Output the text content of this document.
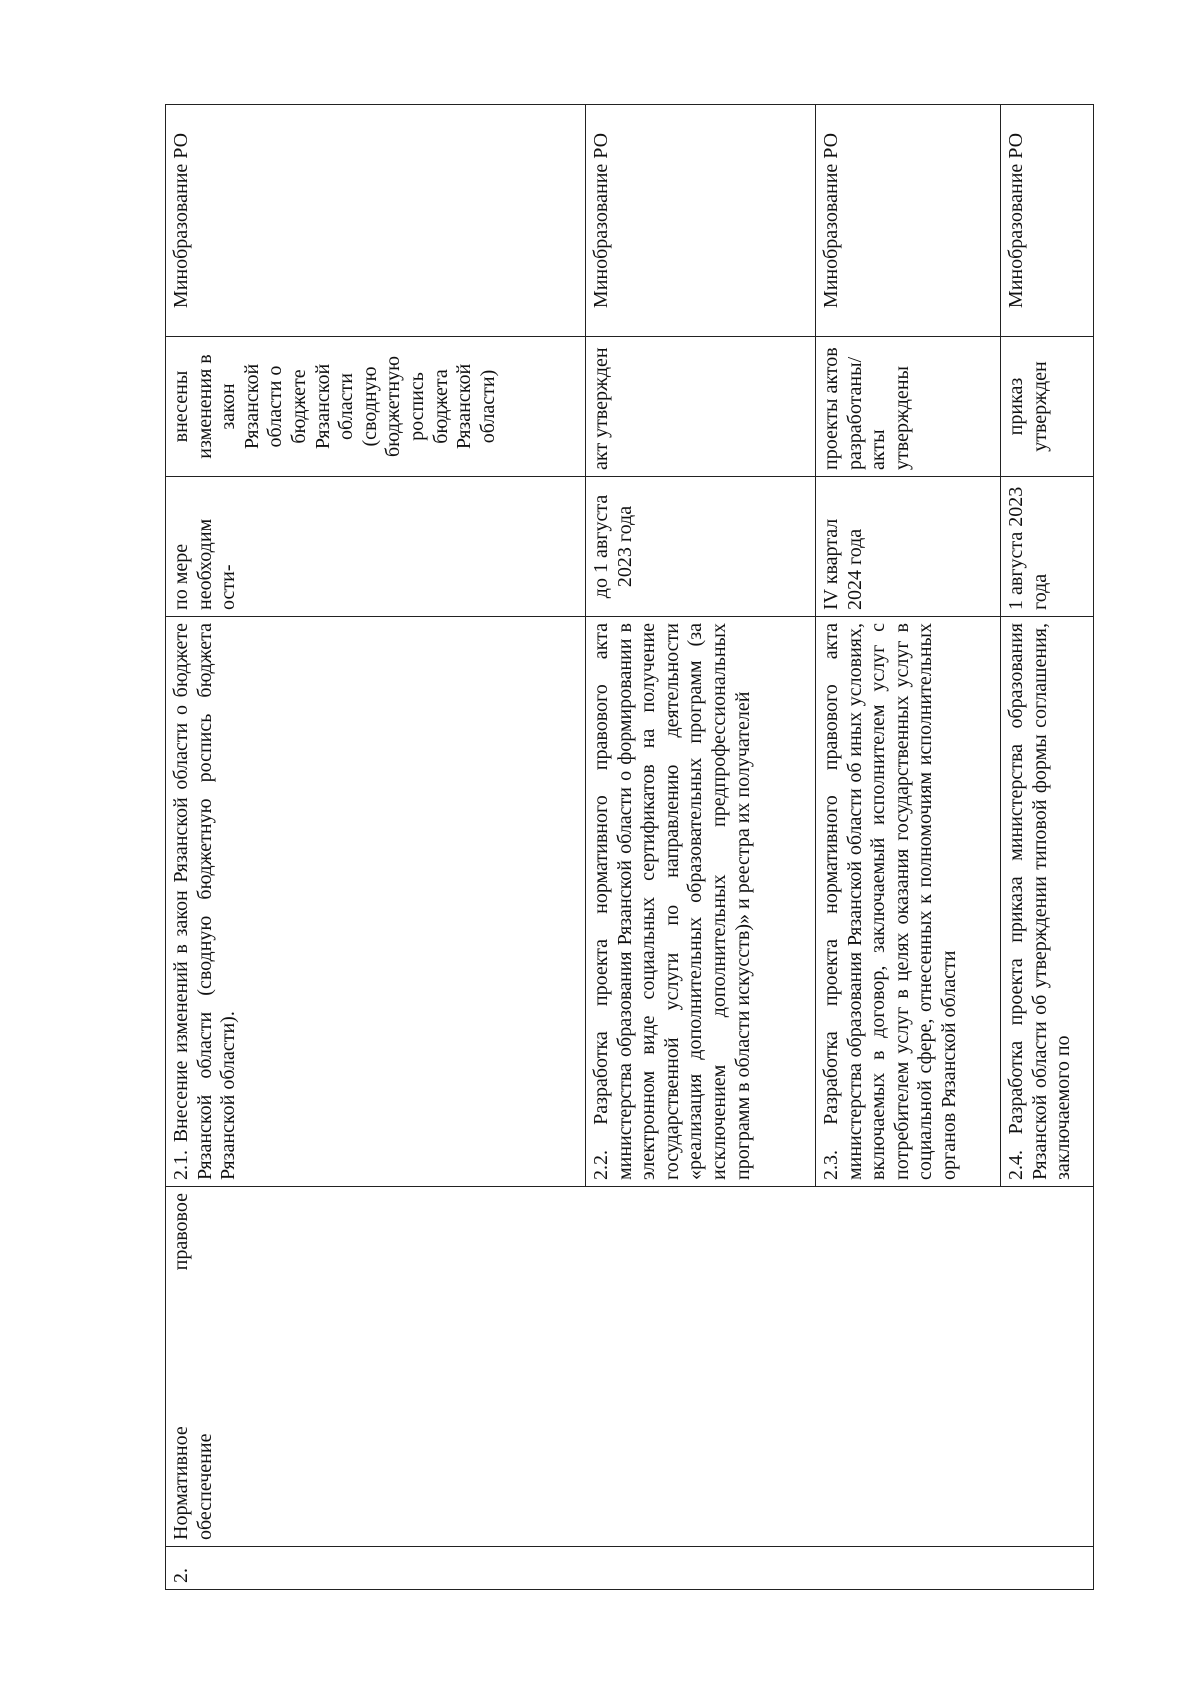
2.	Нормативное
правовое
обеспечение	2.1. Внесение изменений в закон Рязанской области о бюджете Рязанской области (сводную бюджетную роспись бюджета Рязанской области).	по мере необходим ости-	внесены изменения в закон Рязанской области о бюджете Рязанской области (сводную бюджетную роспись бюджета Рязанской области)	Минобразование РО
		2.2. Разработка проекта нормативного правового акта министерства образования Рязанской области о формировании в электронном виде социальных сертификатов на получение государственной услуги по направлению деятельности «реализация дополнительных образовательных программ (за исключением дополнительных предпрофессиональных программ в области искусств)» и реестра их получателей	до 1 августа 2023 года	акт утвержден	Минобразование РО
		2.3. Разработка проекта нормативного правового акта министерства образования Рязанской области об иных условиях, включаемых в договор, заключаемый исполнителем услуг с потребителем услуг в целях оказания государственных услуг в социальной сфере, отнесенных к полномочиям исполнительных органов Рязанской области	IV квартал 2024 года	проекты актов разработаны/акты утверждены	Минобразование РО
		2.4. Разработка проекта приказа министерства образования Рязанской области об утверждении типовой формы соглашения, заключаемого по	1 августа 2023 года	приказ утвержден	Минобразование РО
